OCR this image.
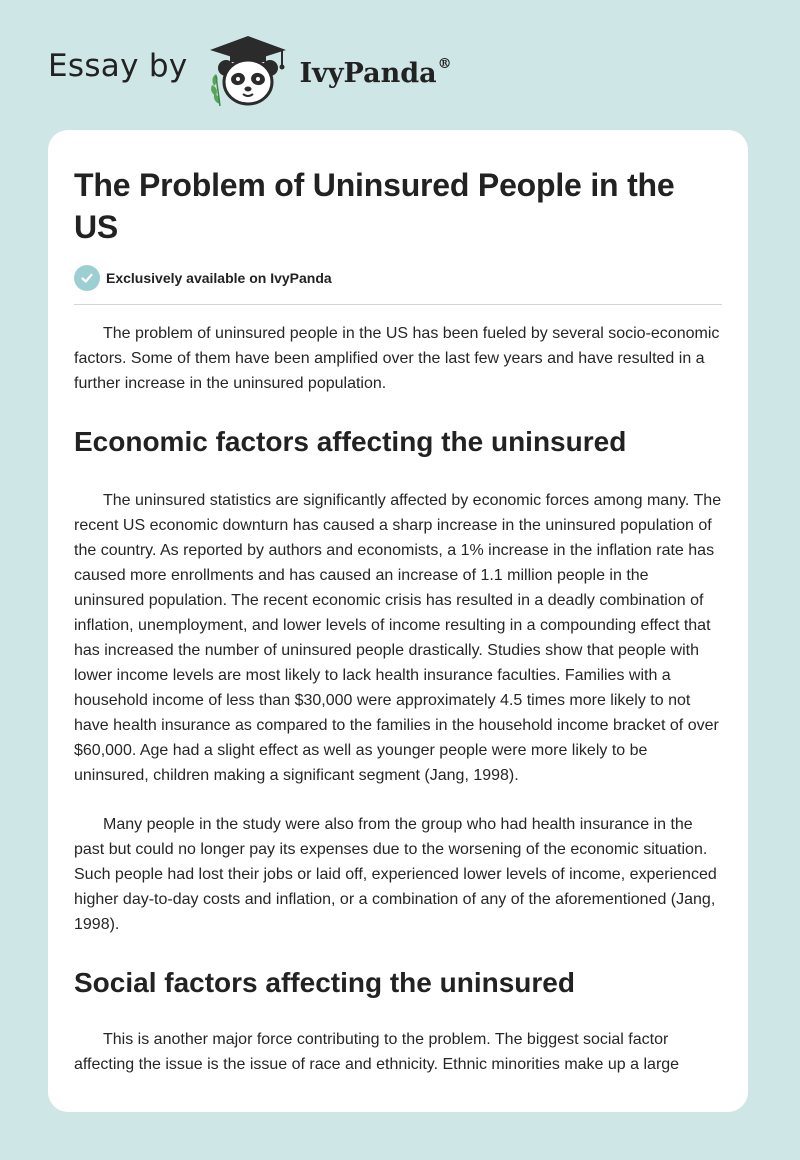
Essay by	IvyPanda®
The Problem of Uninsured People in the US
Exclusively available on IvyPanda

The problem of uninsured people in the US has been fueled by several socio-economic factors. Some of them have been amplified over the last few years and have resulted in a further increase in the uninsured population.

Economic factors affecting the uninsured

The uninsured statistics are significantly affected by economic forces among many. The recent US economic downturn has caused a sharp increase in the uninsured population of the country. As reported by authors and economists, a 1% increase in the inflation rate has caused more enrollments and has caused an increase of 1.1 million people in the uninsured population. The recent economic crisis has resulted in a deadly combination of inflation, unemployment, and lower levels of income resulting in a compounding effect that has increased the number of uninsured people drastically. Studies show that people with lower income levels are most likely to lack health insurance faculties. Families with a household income of less than $30,000 were approximately 4.5 times more likely to not have health insurance as compared to the families in the household income bracket of over $60,000. Age had a slight effect as well as younger people were more likely to be uninsured, children making a significant segment (Jang, 1998).

Many people in the study were also from the group who had health insurance in the past but could no longer pay its expenses due to the worsening of the economic situation. Such people had lost their jobs or laid off, experienced lower levels of income, experienced higher day-to-day costs and inflation, or a combination of any of the aforementioned (Jang, 1998).

Social factors affecting the uninsured

This is another major force contributing to the problem. The biggest social factor affecting the issue is the issue of race and ethnicity. Ethnic minorities make up a large
